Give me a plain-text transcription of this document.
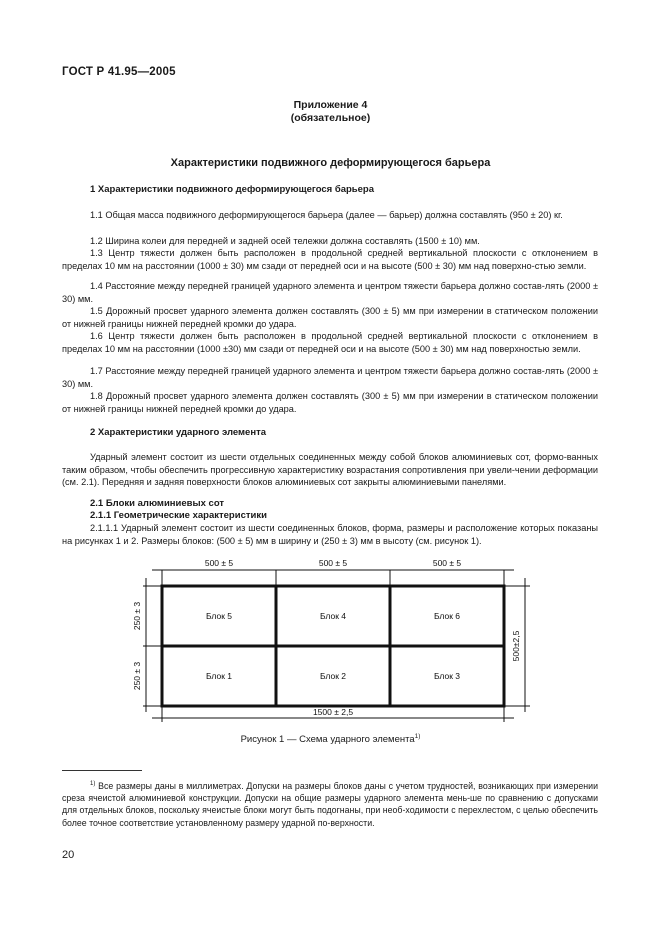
ГОСТ Р 41.95—2005
Приложение 4
(обязательное)
Характеристики подвижного деформирующегося барьера
1 Характеристики подвижного деформирующегося барьера
1.1 Общая масса подвижного деформирующегося барьера (далее — барьер) должна составлять (950 ± 20) кг.
1.2 Ширина колеи для передней и задней осей тележки должна составлять (1500 ± 10) мм.
1.3 Центр тяжести должен быть расположен в продольной средней вертикальной плоскости с отклонением в пределах 10 мм на расстоянии (1000 ± 30) мм сзади от передней оси и на высоте (500 ± 30) мм над поверхно-стью земли.
1.4 Расстояние между передней границей ударного элемента и центром тяжести барьера должно состав-лять (2000 ± 30) мм.
1.5 Дорожный просвет ударного элемента должен составлять (300 ± 5) мм при измерении в статическом положении от нижней границы нижней передней кромки до удара.
1.6 Центр тяжести должен быть расположен в продольной средней вертикальной плоскости с отклонением в пределах 10 мм на расстоянии (1000 ±30) мм сзади от передней оси и на высоте (500 ± 30) мм над поверхностью земли.
1.7 Расстояние между передней границей ударного элемента и центром тяжести барьера должно состав-лять (2000 ± 30) мм.
1.8 Дорожный просвет ударного элемента должен составлять (300 ± 5) мм при измерении в статическом положении от нижней границы нижней передней кромки до удара.
2 Характеристики ударного элемента
Ударный элемент состоит из шести отдельных соединенных между собой блоков алюминиевых сот, формо-ванных таким образом, чтобы обеспечить прогрессивную характеристику возрастания сопротивления при увели-чении деформации (см. 2.1). Передняя и задняя поверхности блоков алюминиевых сот закрыты алюминиевыми панелями.
2.1 Блоки алюминиевых сот
2.1.1 Геометрические характеристики
2.1.1.1 Ударный элемент состоит из шести соединенных блоков, форма, размеры и расположение которых показаны на рисунках 1 и 2. Размеры блоков: (500 ± 5) мм в ширину и (250 ± 3) мм в высоту (см. рисунок 1).
500 ± 5	500 ± 5	500 ± 5
250 ± 3
250 ± 3
500±2,5
1500 ± 2,5
Блок 5	Блок 4	Блок 6
Блок 1	Блок 2	Блок 3
Рисунок 1 — Схема ударного элемента$^{1)}$
$^{1)}$ Все размеры даны в миллиметрах. Допуски на размеры блоков даны с учетом трудностей, возникающих при измерении среза ячеистой алюминиевой конструкции. Допуски на общие размеры ударного элемента мень-ше по сравнению с допусками для отдельных блоков, поскольку ячеистые блоки могут быть подогнаны, при необ-ходимости с перехлестом, с целью обеспечить более точное соответствие установленному размеру ударной по-верхности.
20
